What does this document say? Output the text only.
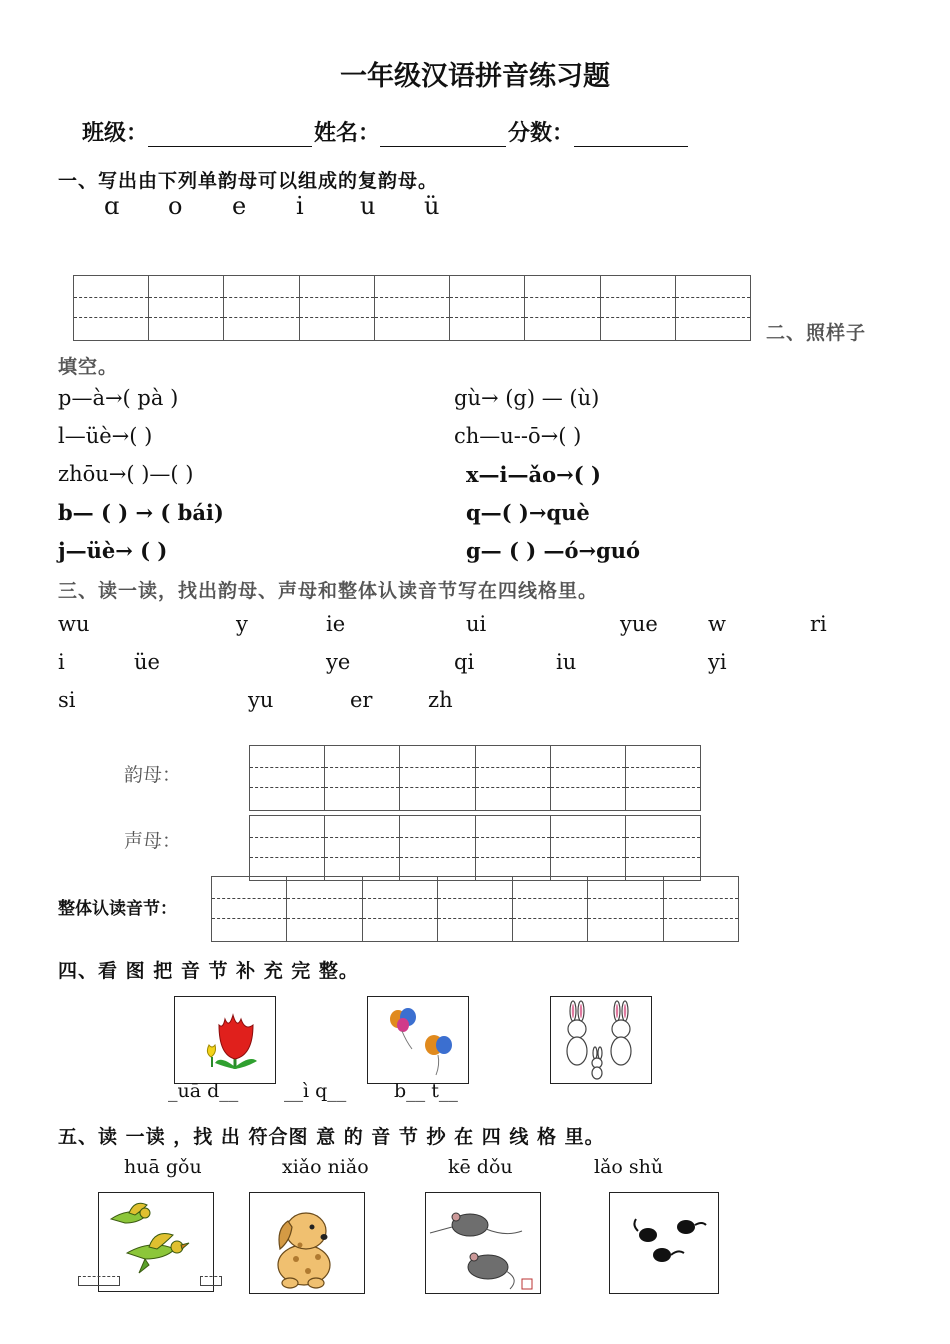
一年级汉语拼音练习题
班级：	姓名：	分数：
一、写出由下列单韵母可以组成的复韵母。
ɑ o e i u ü
二、照样子
填空。
p—à→( pà )
l—üè→( )
zhōu→( )—( )
b— ( ) → ( bái)
j—üè→ ( )
gù→ (g) — (ù)
ch—u--ō→( )
x—i—ǎo→( )
q—( )→què
g— ( ) —ó→guó
三、读一读，找出韵母、声母和整体认读音节写在四线格里。
wu	y	ie	ui	yue w	ri
i	üe	ye	qi	iu	yi
si	yu	er	zh
韵母：
声母：
整体认读音节：
四、看 图 把 音 节 补 充 完 整。
_uā d__ __ì q__	b__ t__
五、读 一读 ，找 出 符合图 意 的 音 节 抄 在 四 线 格 里。
huā gǒu	xiǎo niǎo	kē dǒu	lǎo shǔ
